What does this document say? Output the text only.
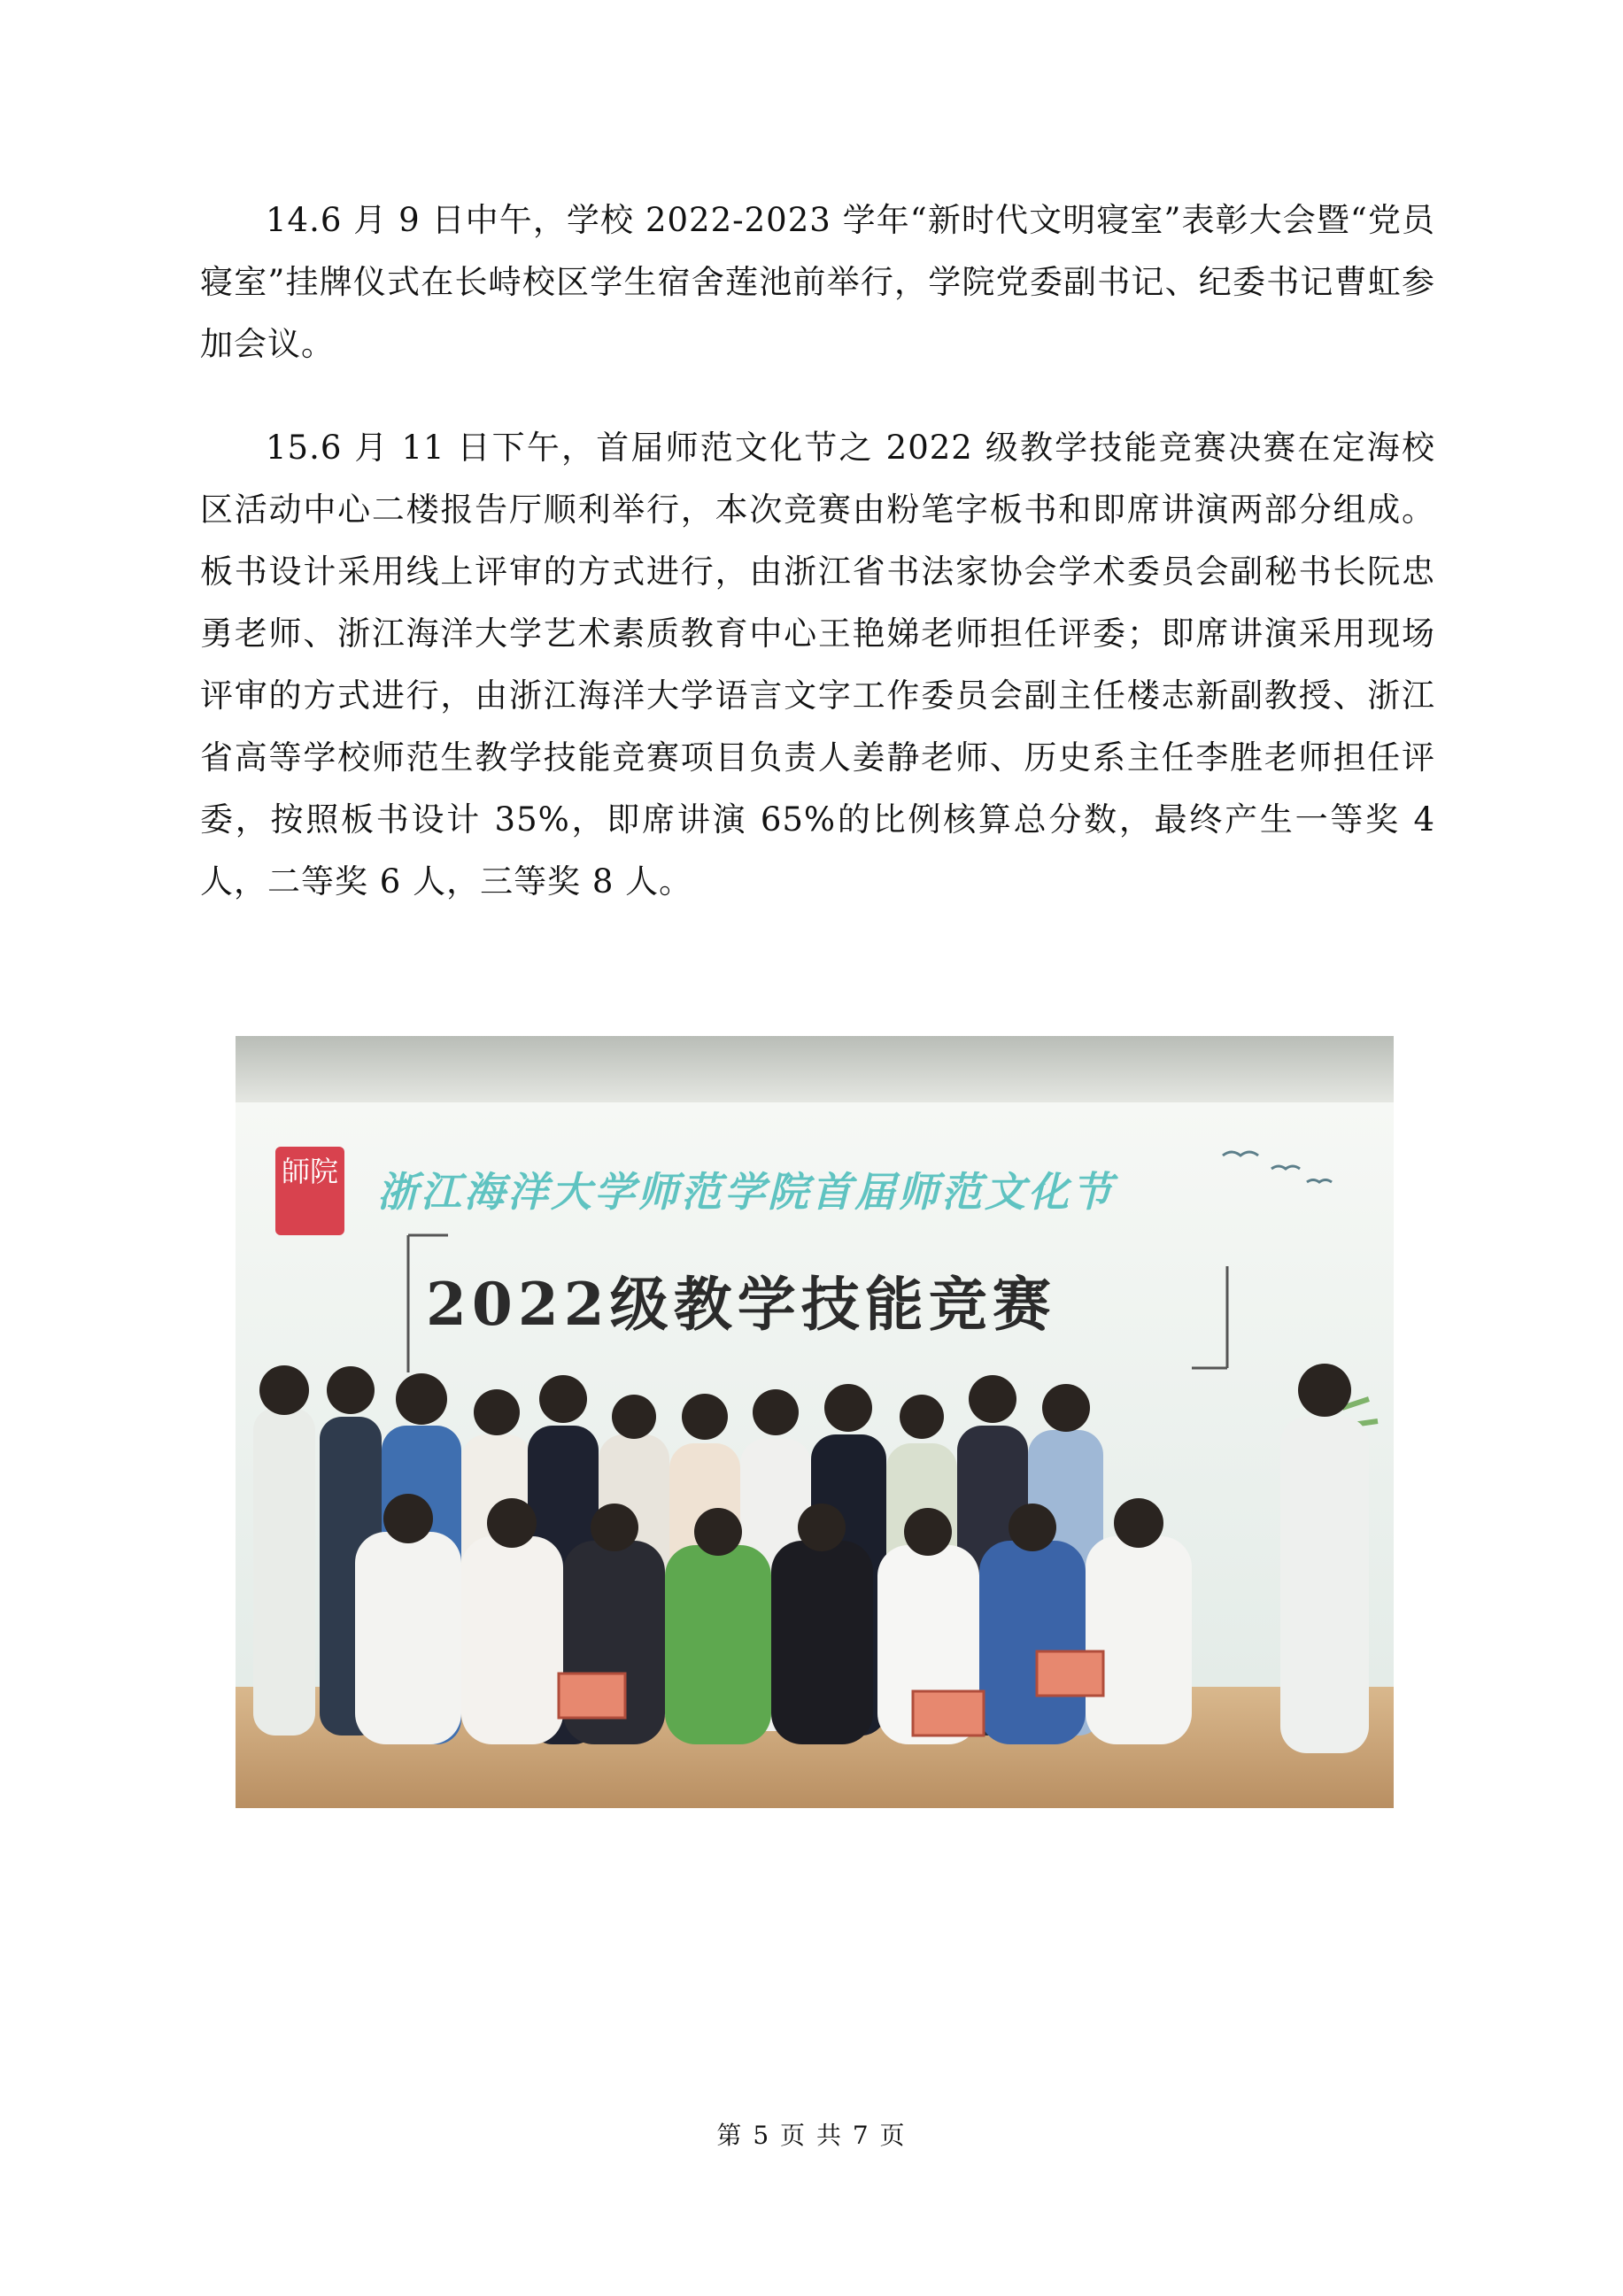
14.6 月 9 日中午，学校 2022-2023 学年“新时代文明寝室”表彰大会暨“党员寝室”挂牌仪式在长峙校区学生宿舍莲池前举行，学院党委副书记、纪委书记曹虹参加会议。

15.6 月 11 日下午，首届师范文化节之 2022 级教学技能竞赛决赛在定海校区活动中心二楼报告厅顺利举行，本次竞赛由粉笔字板书和即席讲演两部分组成。板书设计采用线上评审的方式进行，由浙江省书法家协会学术委员会副秘书长阮忠勇老师、浙江海洋大学艺术素质教育中心王艳娣老师担任评委；即席讲演采用现场评审的方式进行，由浙江海洋大学语言文字工作委员会副主任楼志新副教授、浙江省高等学校师范生教学技能竞赛项目负责人姜静老师、历史系主任李胜老师担任评委，按照板书设计 35%，即席讲演 65%的比例核算总分数，最终产生一等奖 4 人，二等奖 6 人，三等奖 8 人。

師院 浙江海洋大学师范学院首届师范文化节
2022级教学技能竞赛

第 5 页 共 7 页
